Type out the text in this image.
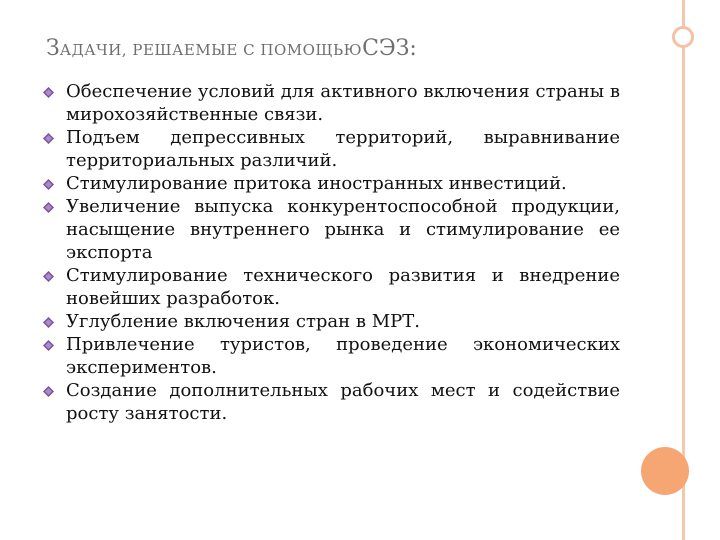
ЗАДАЧИ, РЕШАЕМЫЕ С ПОМОЩЬЮСЭЗ:
Обеспечение условий для активного включения страны в мирохозяйственные связи.
Подъем депрессивных территорий, выравнивание территориальных различий.
Стимулирование притока иностранных инвестиций.
Увеличение выпуска конкурентоспособной продукции, насыщение внутреннего рынка и стимулирование ее экспорта
Стимулирование технического развития и внедрение новейших разработок.
Углубление включения стран в МРТ.
Привлечение туристов, проведение экономических экспериментов.
Создание дополнительных рабочих мест и содействие росту занятости.
